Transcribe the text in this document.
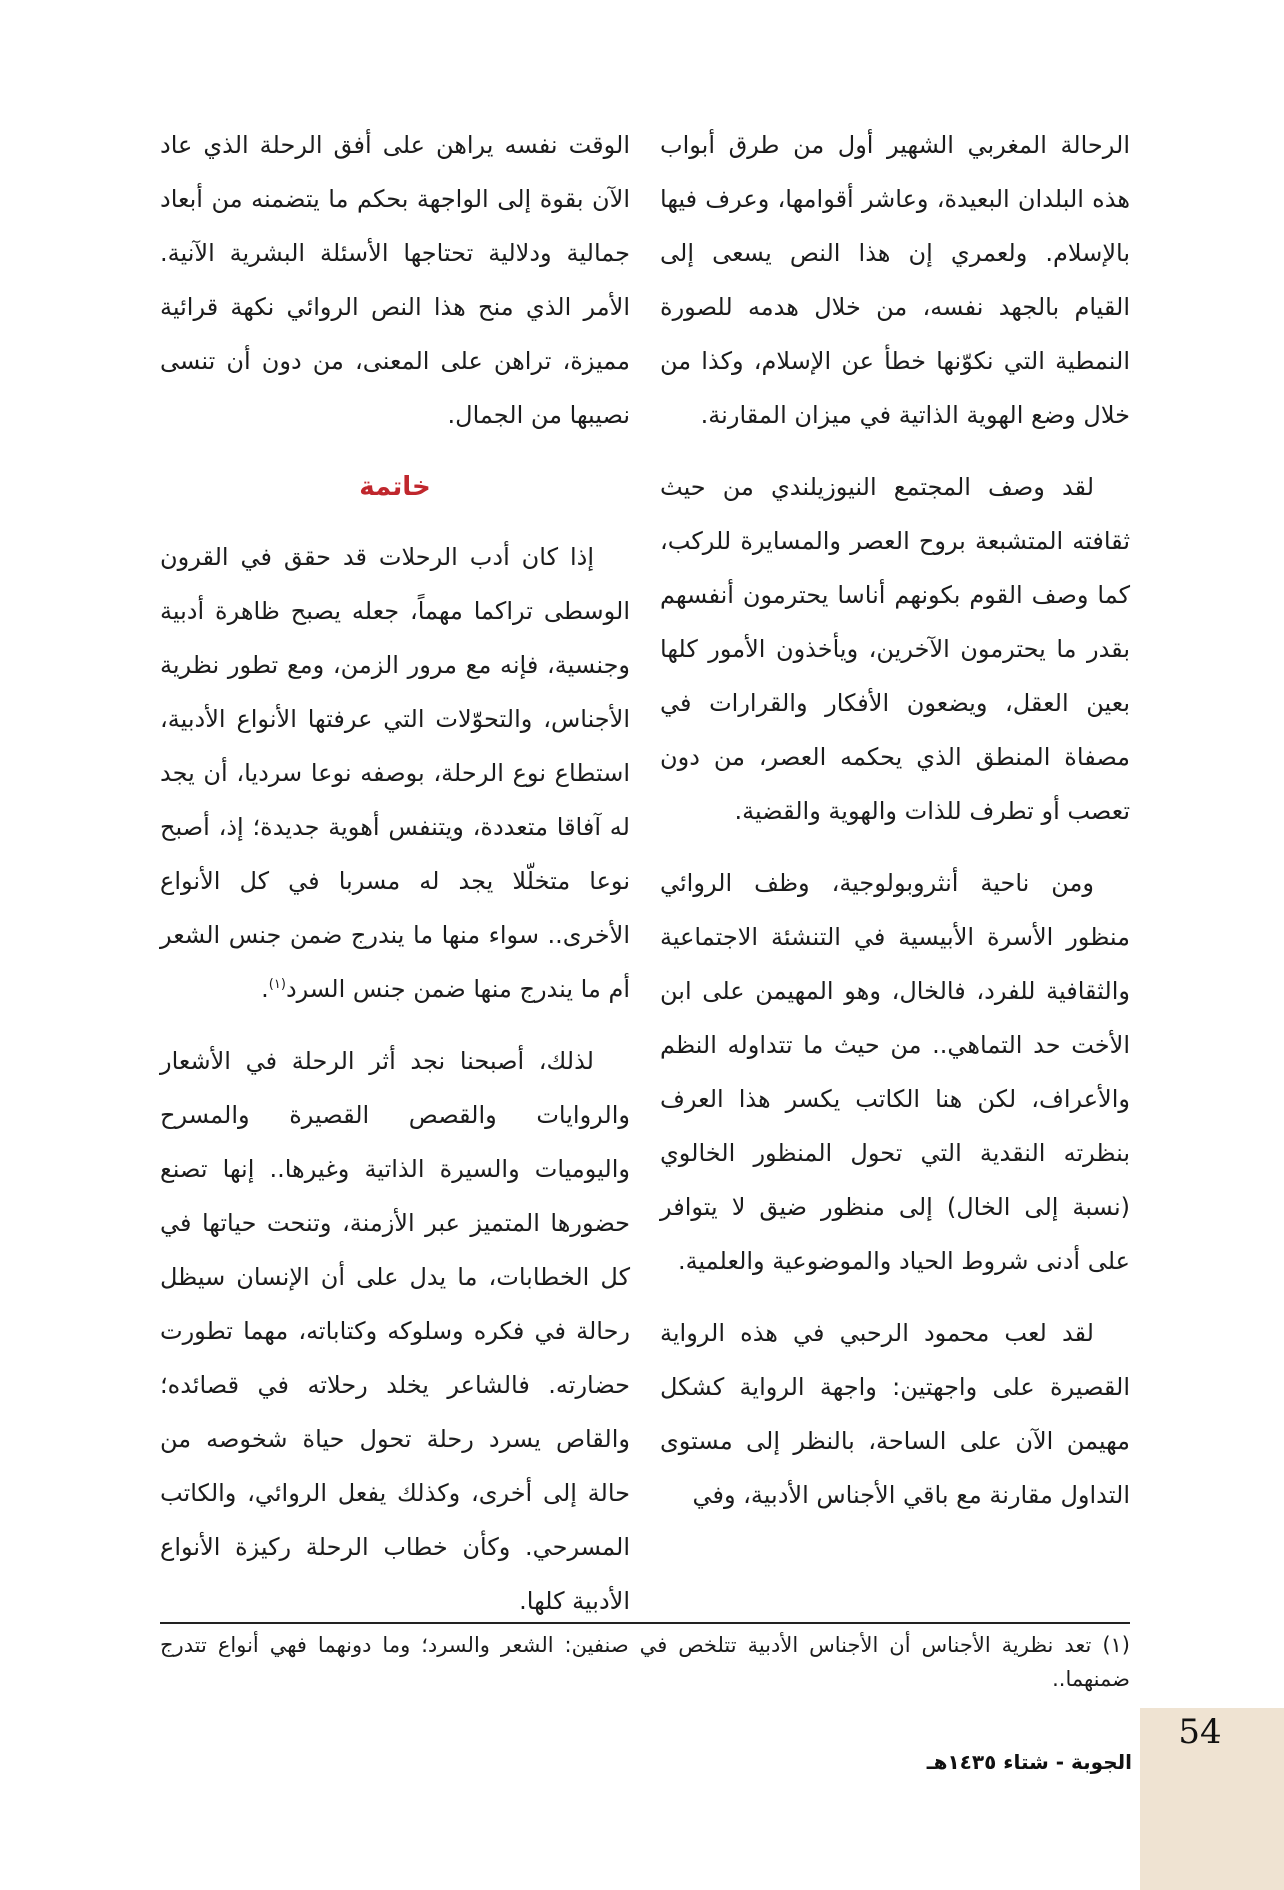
الرحالة المغربي الشهير أول من طرق أبواب هذه البلدان البعيدة، وعاشر أقوامها، وعرف فيها بالإسلام. ولعمري إن هذا النص يسعى إلى القيام بالجهد نفسه، من خلال هدمه للصورة النمطية التي نكوّنها خطأ عن الإسلام، وكذا من خلال وضع الهوية الذاتية في ميزان المقارنة.

لقد وصف المجتمع النيوزيلندي من حيث ثقافته المتشبعة بروح العصر والمسايرة للركب، كما وصف القوم بكونهم أناسا يحترمون أنفسهم بقدر ما يحترمون الآخرين، ويأخذون الأمور كلها بعين العقل، ويضعون الأفكار والقرارات في مصفاة المنطق الذي يحكمه العصر، من دون تعصب أو تطرف للذات والهوية والقضية.

ومن ناحية أنثروبولوجية، وظف الروائي منظور الأسرة الأبيسية في التنشئة الاجتماعية والثقافية للفرد، فالخال، وهو المهيمن على ابن الأخت حد التماهي.. من حيث ما تتداوله النظم والأعراف، لكن هنا الكاتب يكسر هذا العرف بنظرته النقدية التي تحول المنظور الخالوي (نسبة إلى الخال) إلى منظور ضيق لا يتوافر على أدنى شروط الحياد والموضوعية والعلمية.

لقد لعب محمود الرحبي في هذه الرواية القصيرة على واجهتين: واجهة الرواية كشكل مهيمن الآن على الساحة، بالنظر إلى مستوى التداول مقارنة مع باقي الأجناس الأدبية، وفي

الوقت نفسه يراهن على أفق الرحلة الذي عاد الآن بقوة إلى الواجهة بحكم ما يتضمنه من أبعاد جمالية ودلالية تحتاجها الأسئلة البشرية الآنية. الأمر الذي منح هذا النص الروائي نكهة قرائية مميزة، تراهن على المعنى، من دون أن تنسى نصيبها من الجمال.

خاتمة

إذا كان أدب الرحلات قد حقق في القرون الوسطى تراكما مهماً، جعله يصبح ظاهرة أدبية وجنسية، فإنه مع مرور الزمن، ومع تطور نظرية الأجناس، والتحوّلات التي عرفتها الأنواع الأدبية، استطاع نوع الرحلة، بوصفه نوعا سرديا، أن يجد له آفاقا متعددة، ويتنفس أهوية جديدة؛ إذ، أصبح نوعا متخلّلا يجد له مسربا في كل الأنواع الأخرى.. سواء منها ما يندرج ضمن جنس الشعر أم ما يندرج منها ضمن جنس السرد$^{(١)}$.

لذلك، أصبحنا نجد أثر الرحلة في الأشعار والروايات والقصص القصيرة والمسرح واليوميات والسيرة الذاتية وغيرها.. إنها تصنع حضورها المتميز عبر الأزمنة، وتنحت حياتها في كل الخطابات، ما يدل على أن الإنسان سيظل رحالة في فكره وسلوكه وكتاباته، مهما تطورت حضارته. فالشاعر يخلد رحلاته في قصائده؛ والقاص يسرد رحلة تحول حياة شخوصه من حالة إلى أخرى، وكذلك يفعل الروائي، والكاتب المسرحي. وكأن خطاب الرحلة ركيزة الأنواع الأدبية كلها.

(١) تعد نظرية الأجناس أن الأجناس الأدبية تتلخص في صنفين: الشعر والسرد؛ وما دونهما فهي أنواع تتدرج ضمنهما..
54
الجوبة - شتاء ١٤٣٥هـ
